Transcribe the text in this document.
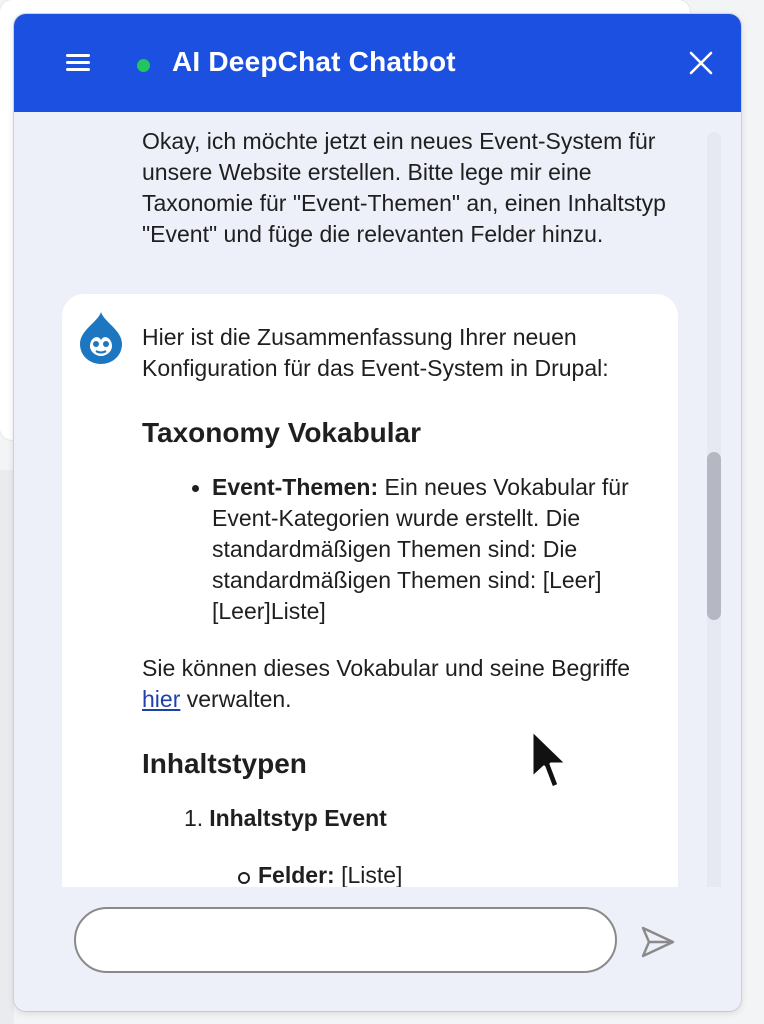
AI DeepChat Chatbot
Okay, ich möchte jetzt ein neues Event-System für unsere Website erstellen. Bitte lege mir eine Taxonomie für "Event-Themen" an, einen Inhaltstyp "Event" und füge die relevanten Felder hinzu.

Hier ist die Zusammenfassung Ihrer neuen Konfiguration für das Event-System in Drupal:

Taxonomy Vokabular
Event-Themen: Ein neues Vokabular für Event-Kategorien wurde erstellt. Die standardmäßigen Themen sind: Die standardmäßigen Themen sind: [Leer][Leer]Liste]

Sie können dieses Vokabular und seine Begriffe hier verwalten.

Inhaltstypen
1. Inhaltstyp Event
Felder: [Liste]
